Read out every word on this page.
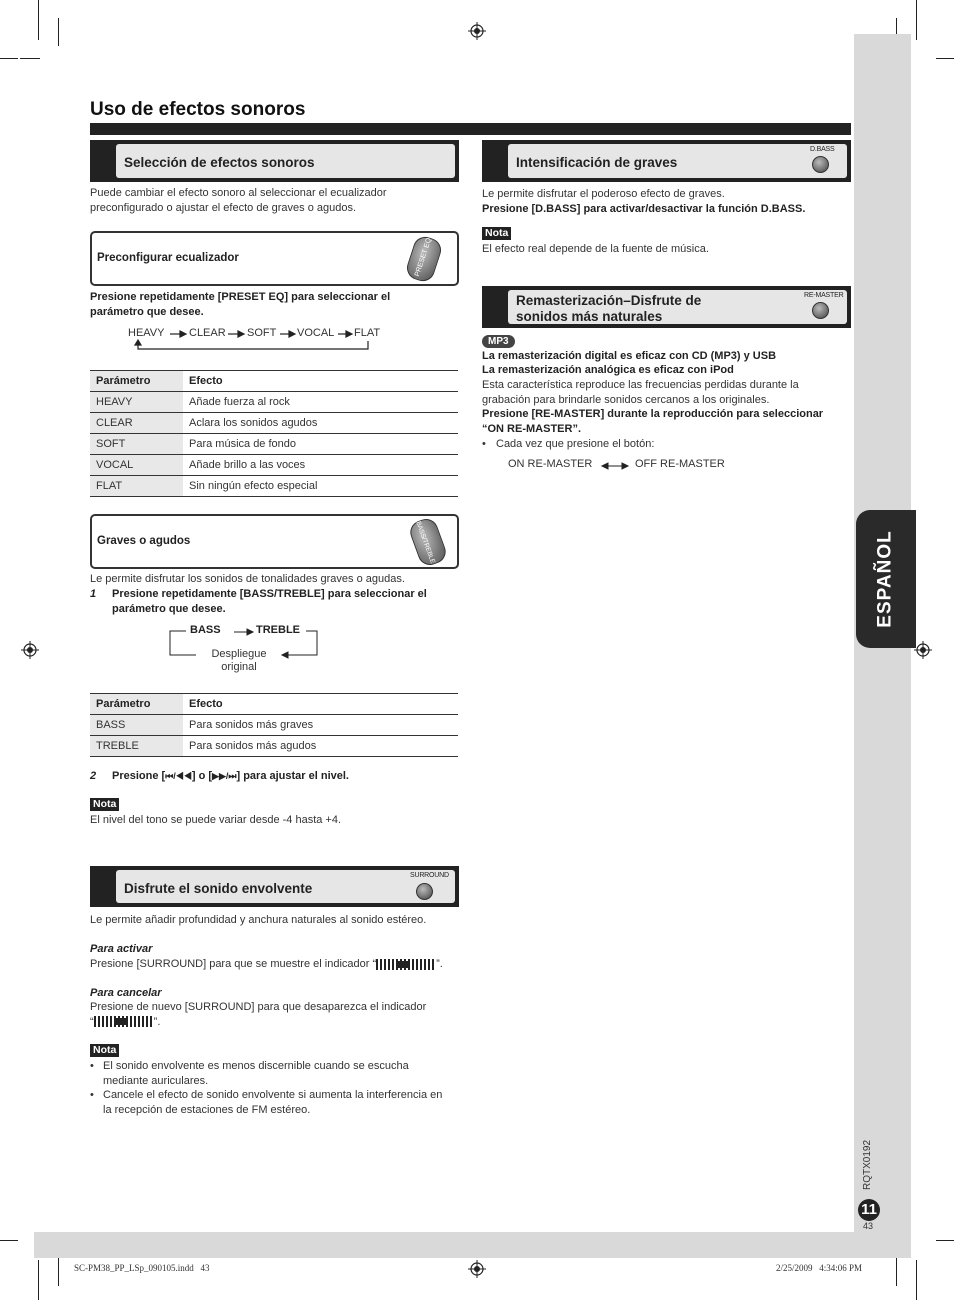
ESPAÑOL
RQTX0192
11
43
SC-PM38_PP_LSp_090105.indd   43	2/25/2009   4:34:06 PM
Uso de efectos sonoros
Selección de efectos sonoros
Puede cambiar el efecto sonoro al seleccionar el ecualizador
preconfigurado o ajustar el efecto de graves o agudos.
Preconfigurar ecualizador	PRESET EQ
Presione repetidamente [PRESET EQ] para seleccionar el
parámetro que desee.
HEAVY CLEAR SOFT VOCAL FLAT
Parámetro	Efecto
HEAVY	Añade fuerza al rock
CLEAR	Aclara los sonidos agudos
SOFT	Para música de fondo
VOCAL	Añade brillo a las voces
FLAT	Sin ningún efecto especial
Graves o agudos	BASS/TREBLE
Le permite disfrutar los sonidos de tonalidades graves o agudas.
1 Presione repetidamente [BASS/TREBLE] para seleccionar el
parámetro que desee.
BASS	TREBLE
Despliegue
original
Parámetro	Efecto
BASS	Para sonidos más graves
TREBLE	Para sonidos más agudos
2 Presione [⏮/◀◀] o [▶▶/⏭] para ajustar el nivel.
Nota
El nivel del tono se puede variar desde -4 hasta +4.
Disfrute el sonido envolvente
SURROUND
Le permite añadir profundidad y anchura naturales al sonido estéreo.
Para activar
Presione [SURROUND] para que se muestre el indicador “	”.
Para cancelar
Presione de nuevo [SURROUND] para que desaparezca el indicador
“	”.
Nota
• El sonido envolvente es menos discernible cuando se escucha
mediante auriculares.
• Cancele el efecto de sonido envolvente si aumenta la interferencia en
la recepción de estaciones de FM estéreo.
Intensificación de graves
D.BASS
Le permite disfrutar el poderoso efecto de graves.
Presione [D.BASS] para activar/desactivar la función D.BASS.
Nota
El efecto real depende de la fuente de música.
Remasterización–Disfrute de
sonidos más naturales
RE-MASTER
MP3
La remasterización digital es eficaz con CD (MP3) y USB
La remasterización analógica es eficaz con iPod
Esta característica reproduce las frecuencias perdidas durante la
grabación para brindarle sonidos cercanos a los originales.
Presione [RE-MASTER] durante la reproducción para seleccionar
“ON RE-MASTER”.
• Cada vez que presione el botón:
ON RE-MASTER	OFF RE-MASTER
